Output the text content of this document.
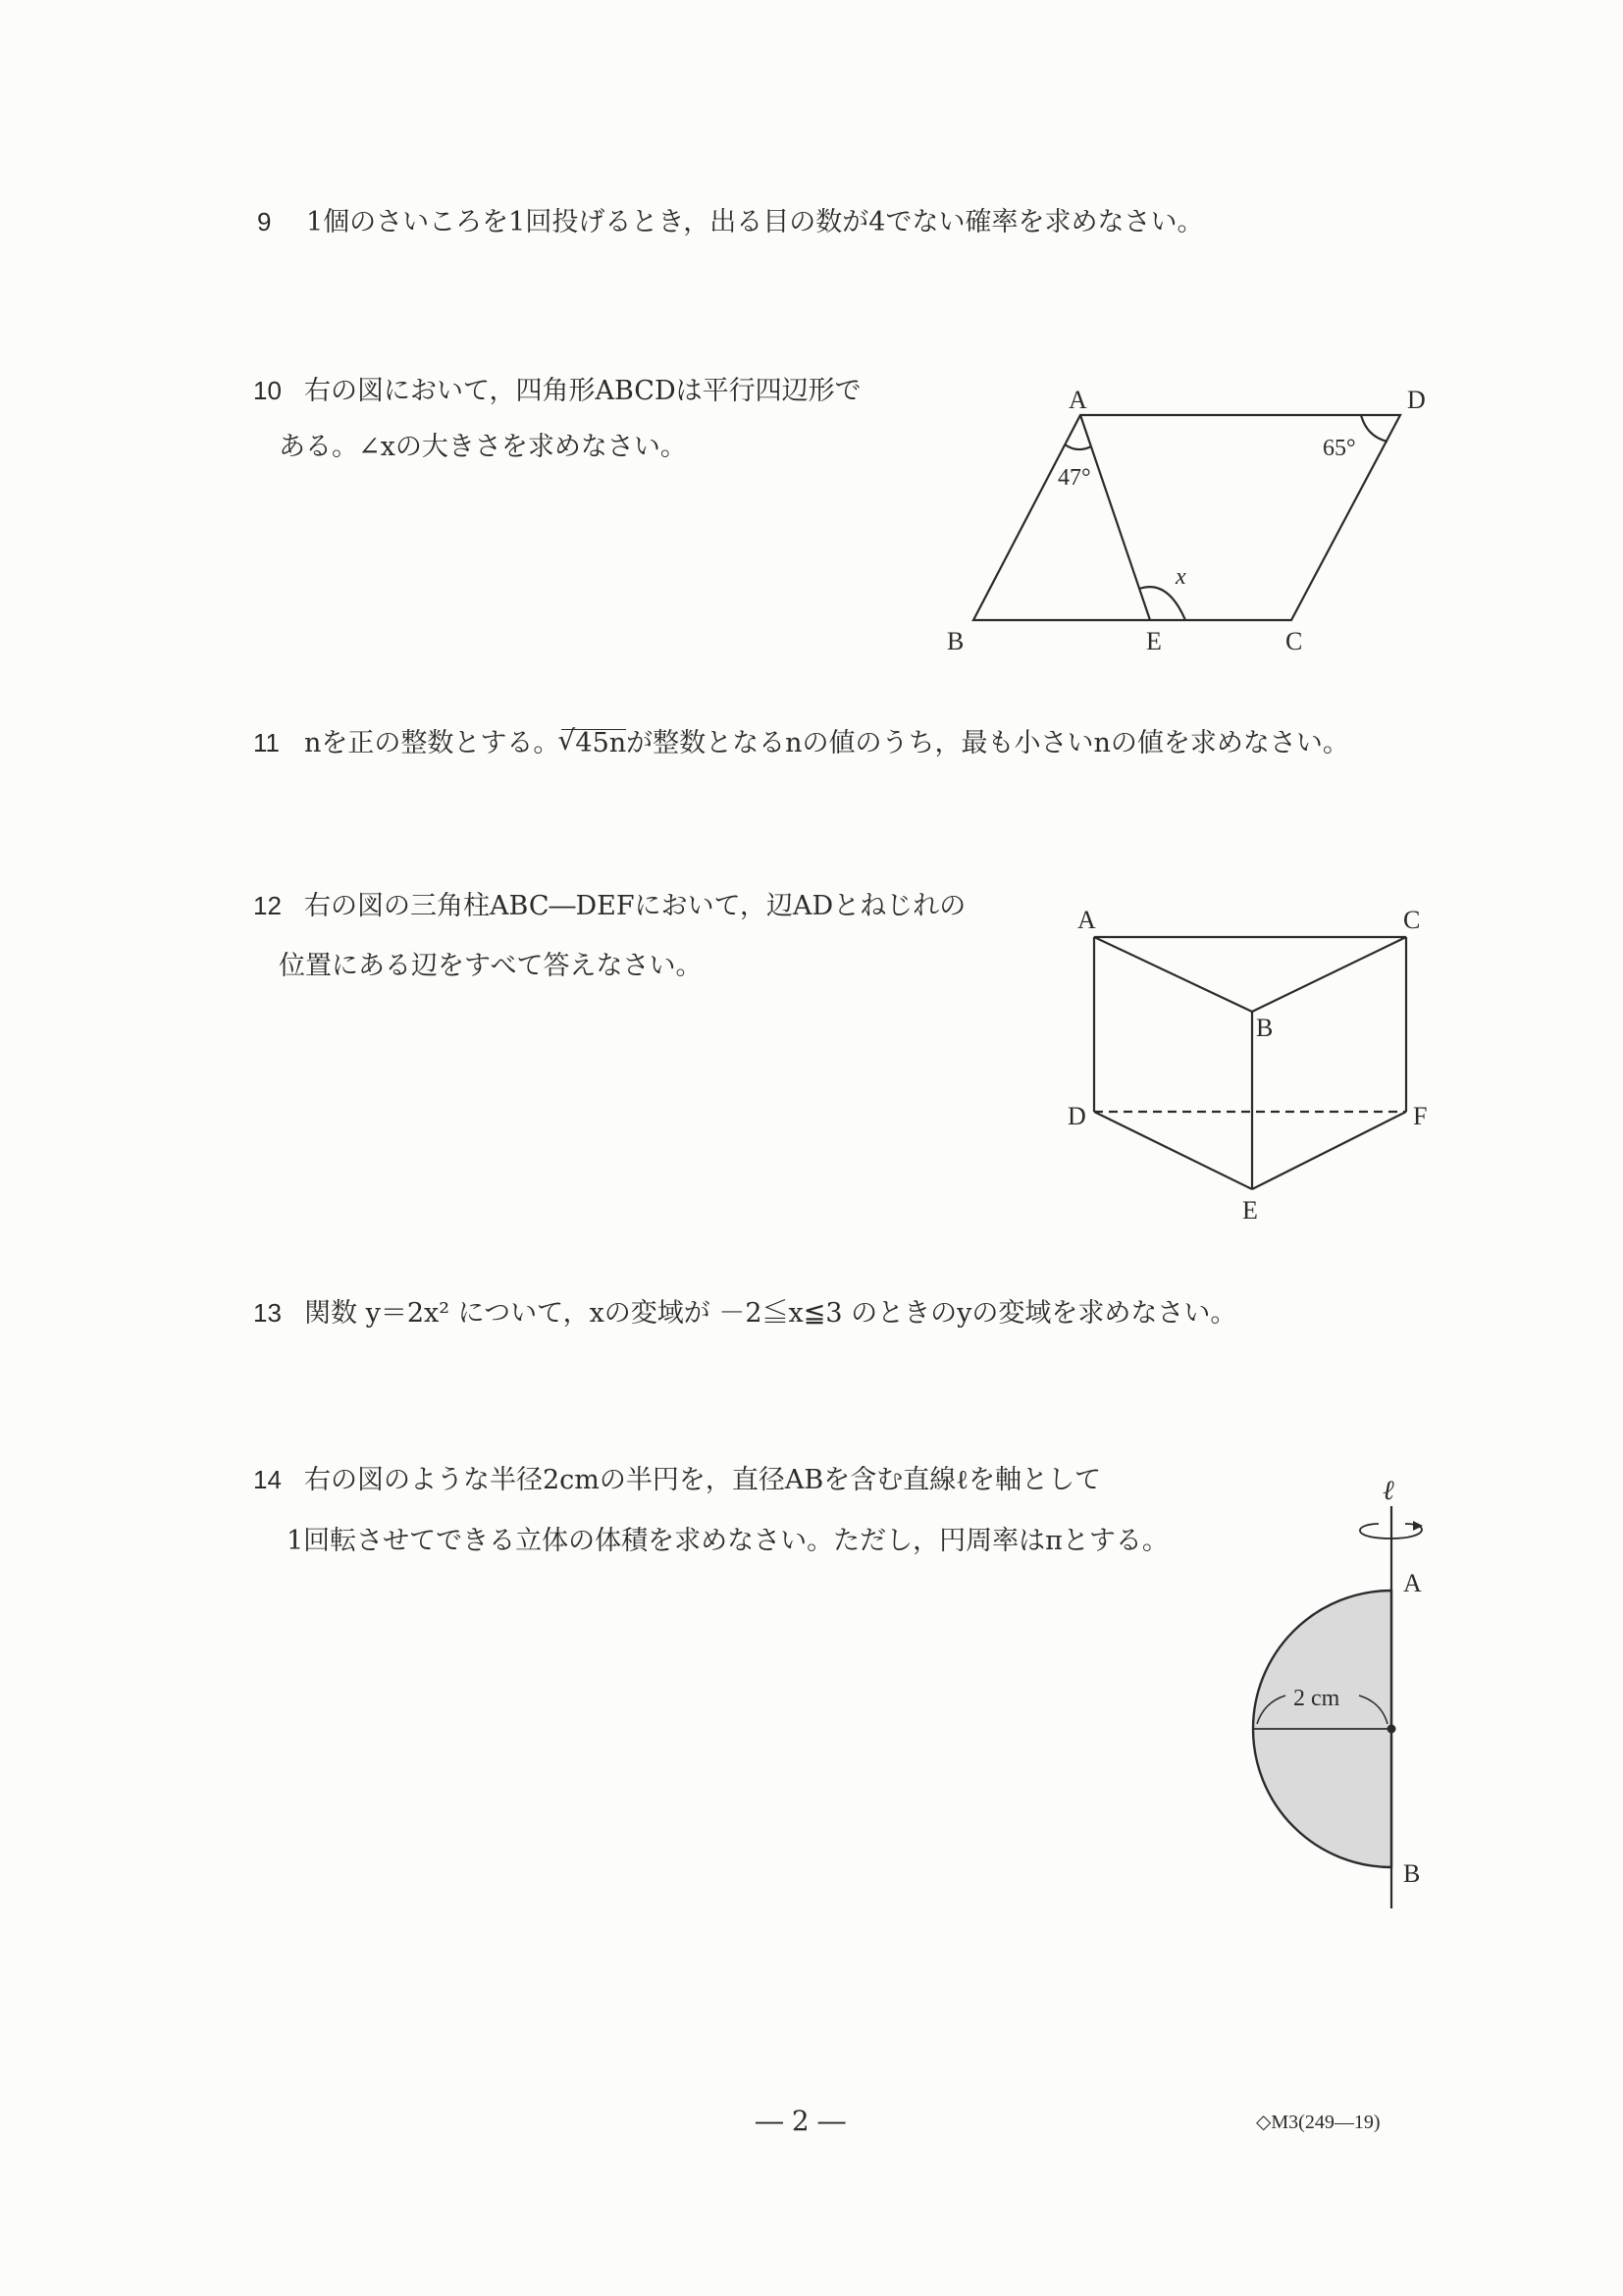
9 1個のさいころを1回投げるとき，出る目の数が4でない確率を求めなさい。
10 右の図において，四角形ABCDは平行四辺形で
ある。∠xの大きさを求めなさい。
A	D
B	E	C
47°
65°
x
11 nを正の整数とする。√ 45nが整数となるnの値のうち，最も小さいnの値を求めなさい。
12 右の図の三角柱ABC―DEFにおいて，辺ADとねじれの
位置にある辺をすべて答えなさい。
A	C
B
D	F
E
13 関数 y＝2x² について，xの変域が －2≦x≦3 のときのyの変域を求めなさい。
14 右の図のような半径2cmの半円を，直径ABを含む直線ℓを軸として
1回転させてできる立体の体積を求めなさい。ただし，円周率はπとする。
ℓ
A
B
2 cm
― 2 ―	◇M3(249―19)
